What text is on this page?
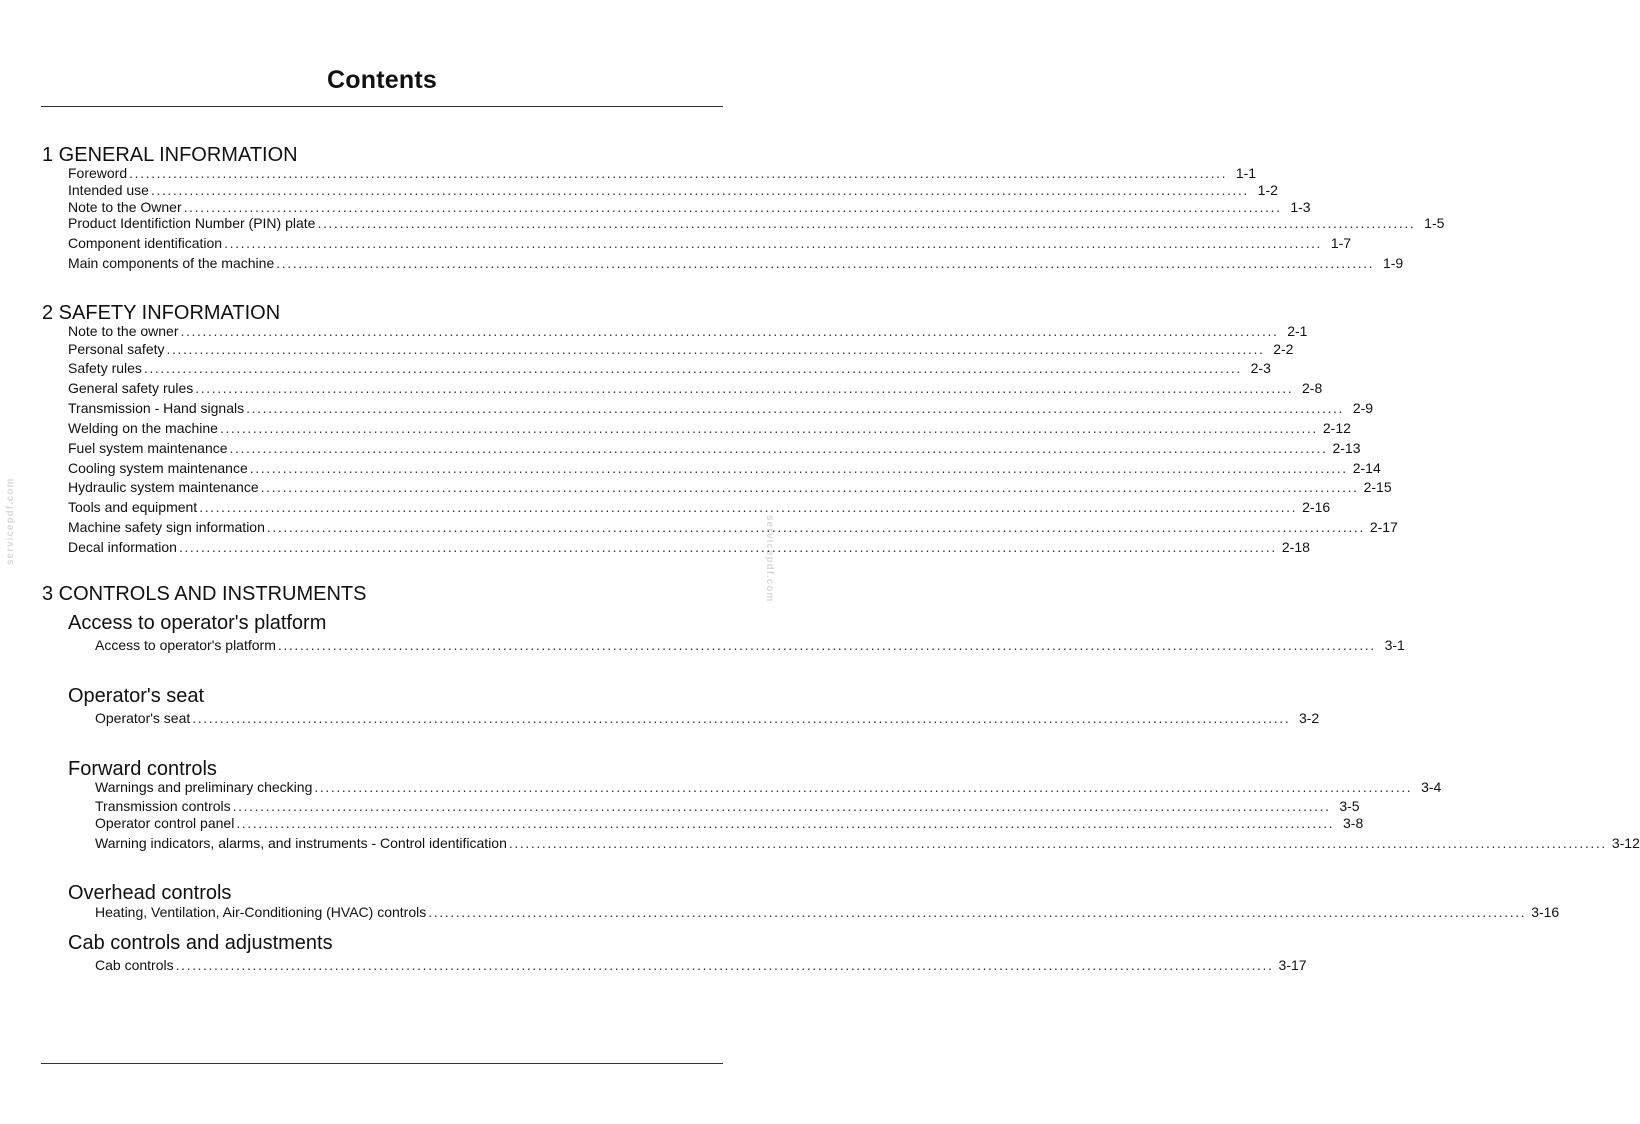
Contents
servicepdf.com	servicepdf.com
1 GENERAL INFORMATION
Foreword ........................................................................................................................................................................................................ 1-1
Intended use ........................................................................................................................................................................................................ 1-2
Note to the Owner ........................................................................................................................................................................................................ 1-3
Product Identifiction Number (PIN) plate ........................................................................................................................................................................................................ 1-5
Component identification ........................................................................................................................................................................................................ 1-7
Main components of the machine ........................................................................................................................................................................................................ 1-9
2 SAFETY INFORMATION
Note to the owner ........................................................................................................................................................................................................ 2-1
Personal safety ........................................................................................................................................................................................................ 2-2
Safety rules ........................................................................................................................................................................................................ 2-3
General safety rules ........................................................................................................................................................................................................ 2-8
Transmission - Hand signals ........................................................................................................................................................................................................ 2-9
Welding on the machine ........................................................................................................................................................................................................ 2-12
Fuel system maintenance ........................................................................................................................................................................................................ 2-13
Cooling system maintenance ........................................................................................................................................................................................................ 2-14
Hydraulic system maintenance ........................................................................................................................................................................................................ 2-15
Tools and equipment ........................................................................................................................................................................................................ 2-16
Machine safety sign information ........................................................................................................................................................................................................ 2-17
Decal information ........................................................................................................................................................................................................ 2-18
3 CONTROLS AND INSTRUMENTS
Access to operator's platform
Access to operator's platform ........................................................................................................................................................................................................ 3-1
Operator's seat
Operator's seat ........................................................................................................................................................................................................ 3-2
Forward controls
Warnings and preliminary checking ........................................................................................................................................................................................................ 3-4
Transmission controls ........................................................................................................................................................................................................ 3-5
Operator control panel ........................................................................................................................................................................................................ 3-8
Warning indicators, alarms, and instruments - Control identification ........................................................................................................................................................................................................ 3-12
Overhead controls
Heating, Ventilation, Air-Conditioning (HVAC) controls ........................................................................................................................................................................................................ 3-16
Cab controls and adjustments
Cab controls ........................................................................................................................................................................................................ 3-17
